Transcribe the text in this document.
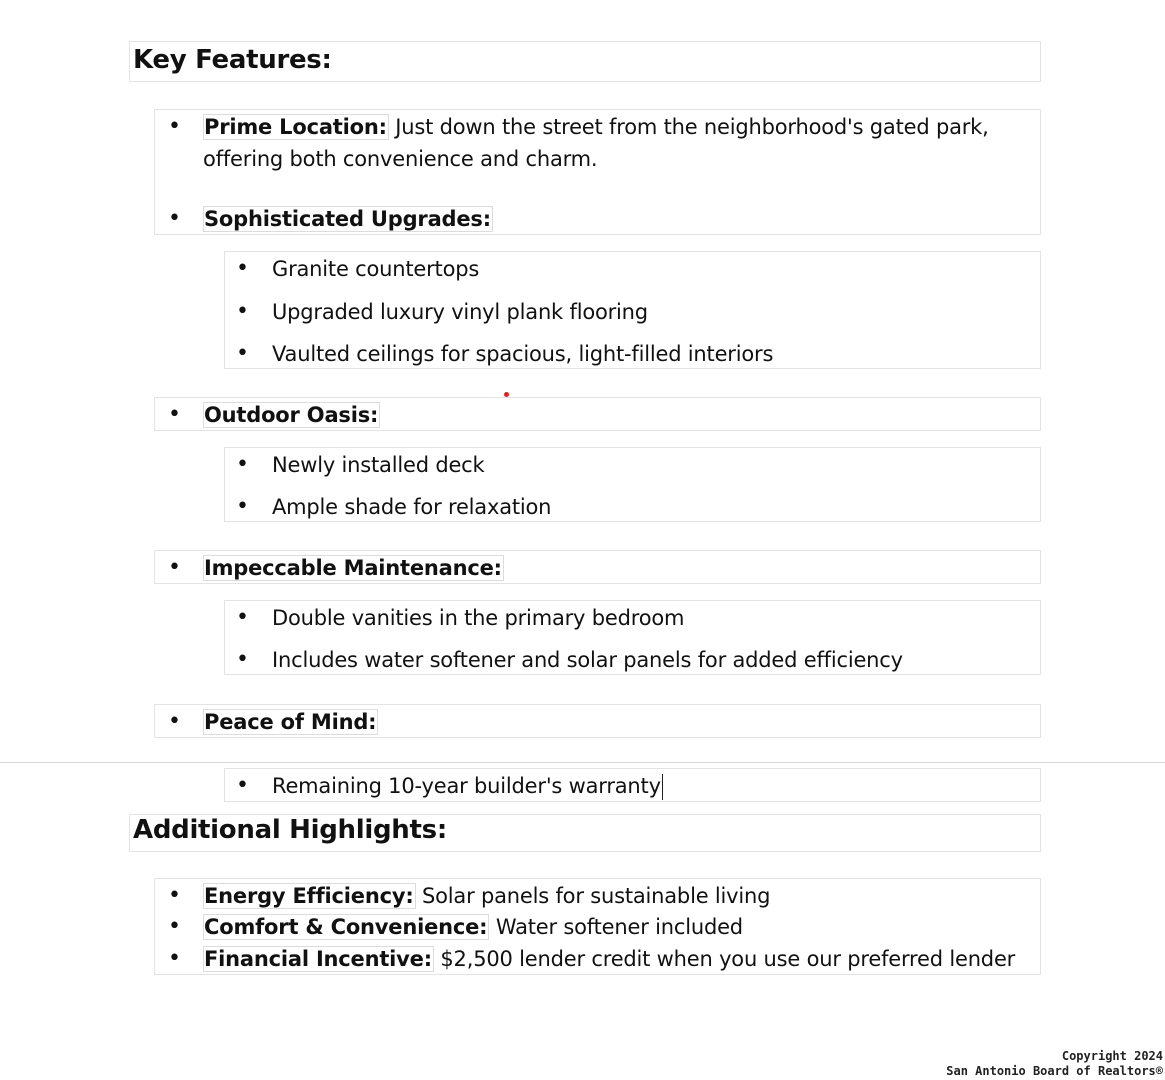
Key Features:
• Prime Location: Just down the street from the neighborhood's gated park,
offering both convenience and charm.
• Sophisticated Upgrades:
• Granite countertops
• Upgraded luxury vinyl plank flooring
• Vaulted ceilings for spacious, light-filled interiors
• Outdoor Oasis:
• Newly installed deck
• Ample shade for relaxation
• Impeccable Maintenance:
• Double vanities in the primary bedroom
• Includes water softener and solar panels for added efficiency
• Peace of Mind:
• Remaining 10-year builder's warranty
Additional Highlights:
• Energy Efficiency: Solar panels for sustainable living
• Comfort & Convenience: Water softener included
• Financial Incentive: $2,500 lender credit when you use our preferred lender
Copyright 2024
San Antonio Board of Realtors®
